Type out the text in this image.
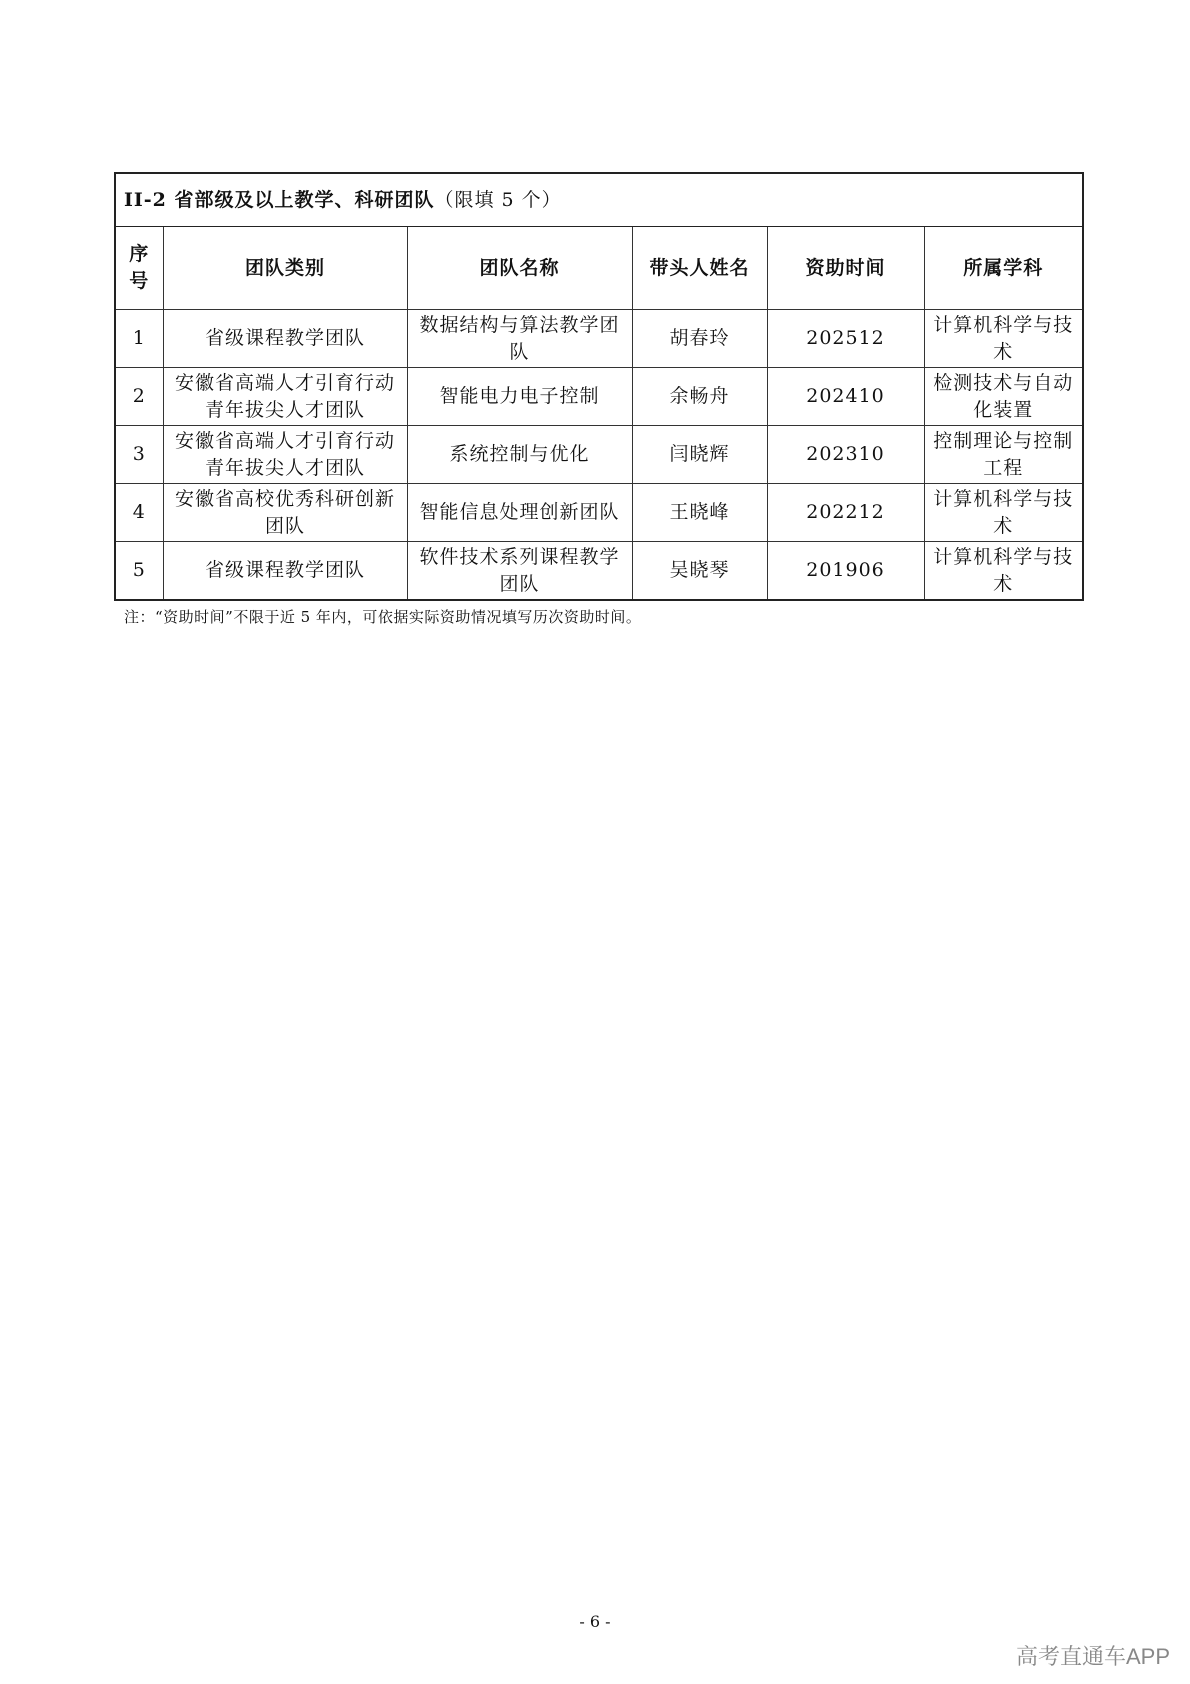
II-2 省部级及以上教学、科研团队（限填 5 个）					
序号	团队类别	团队名称	带头人姓名	资助时间	所属学科
1	省级课程教学团队	数据结构与算法教学团队	胡春玲	202512	计算机科学与技术
2	安徽省高端人才引育行动青年拔尖人才团队	智能电力电子控制	余畅舟	202410	检测技术与自动化装置
3	安徽省高端人才引育行动青年拔尖人才团队	系统控制与优化	闫晓辉	202310	控制理论与控制工程
4	安徽省高校优秀科研创新团队	智能信息处理创新团队	王晓峰	202212	计算机科学与技术
5	省级课程教学团队	软件技术系列课程教学团队	吴晓琴	201906	计算机科学与技术
注：“资助时间”不限于近 5 年内，可依据实际资助情况填写历次资助时间。
- 6 -
高考直通车APP
